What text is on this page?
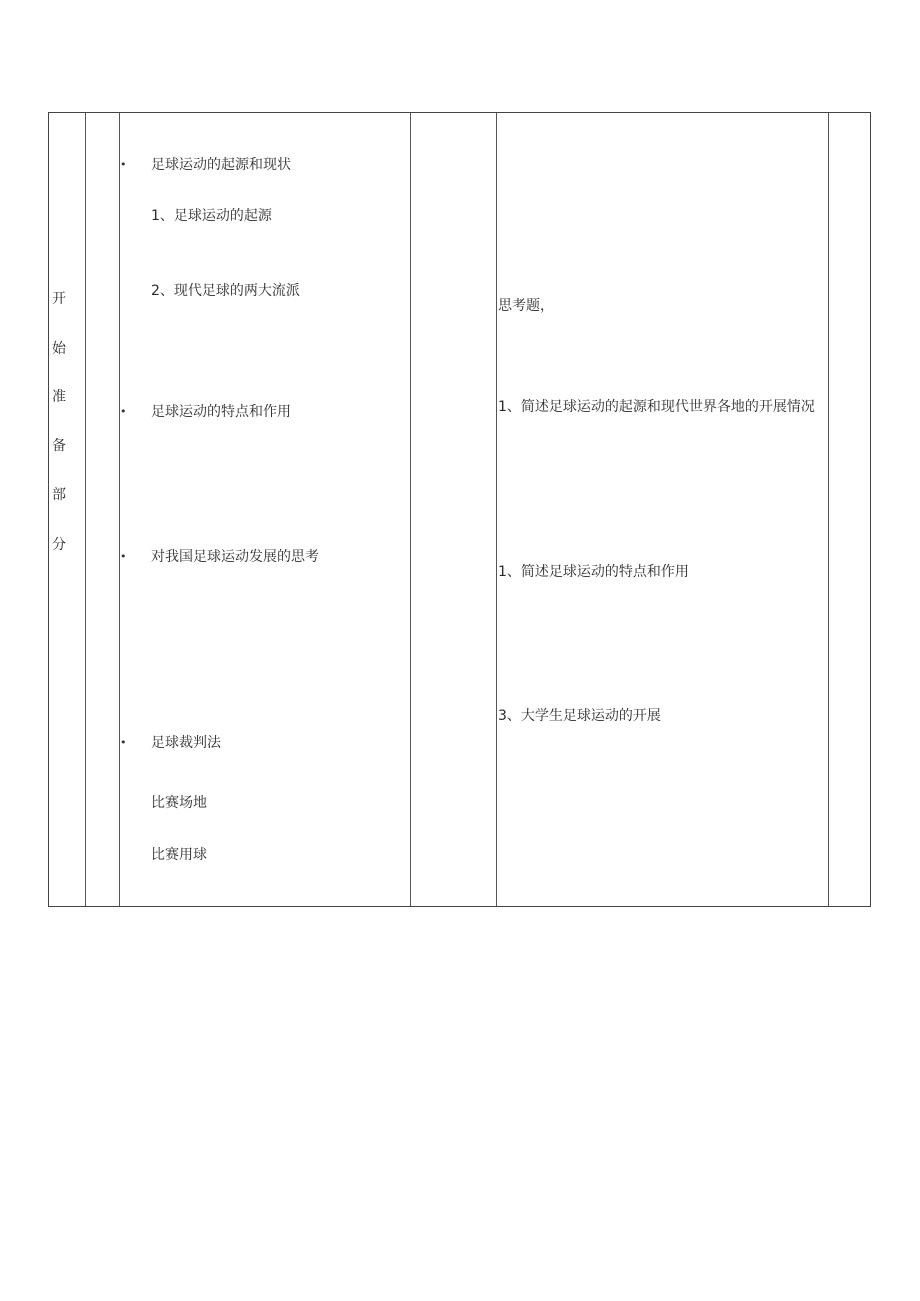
开
始
准
备
部
分
• 足球运动的起源和现状
1、足球运动的起源
2、现代足球的两大流派
• 足球运动的特点和作用
• 对我国足球运动发展的思考
• 足球裁判法
比赛场地
比赛用球
思考题，
1、简述足球运动的起源和现代世界各地的开展情况
1、简述足球运动的特点和作用
3、大学生足球运动的开展
